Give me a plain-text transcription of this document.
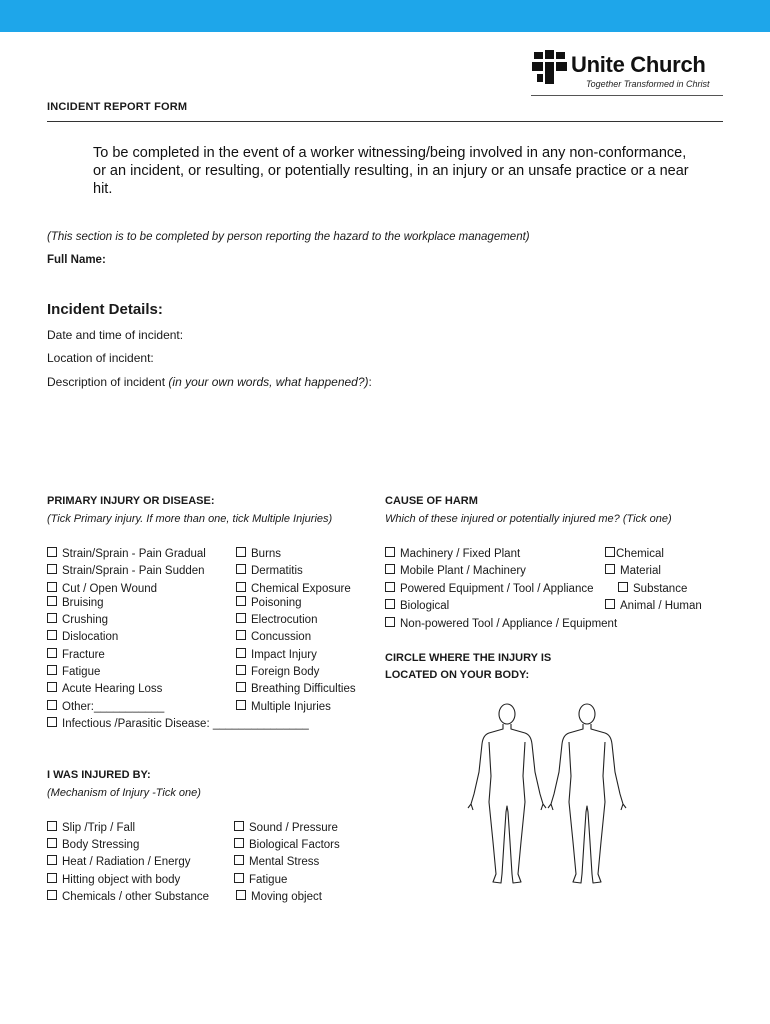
Unite Church
Together Transformed in Christ
INCIDENT REPORT FORM
To be completed in the event of a worker witnessing/being involved in any non-conformance, or an incident, or resulting, or potentially resulting, in an injury or an unsafe practice or a near hit.
(This section is to be completed by person reporting the hazard to the workplace management)
Full Name:
Incident Details:
Date and time of incident:
Location of incident:
Description of incident (in your own words, what happened?):
PRIMARY INJURY OR DISEASE:
(Tick Primary injury. If more than one, tick Multiple Injuries)
Strain/Sprain - Pain Gradual
Strain/Sprain - Pain Sudden
Cut / Open Wound
Bruising
Crushing
Dislocation
Fracture
Fatigue
Acute Hearing Loss
Other:___________
Infectious /Parasitic Disease: _______________
Burns
Dermatitis
Chemical Exposure
Poisoning
Electrocution
Concussion
Impact Injury
Foreign Body
Breathing Difficulties
Multiple Injuries
CAUSE OF HARM
Which of these injured or potentially injured me? (Tick one)
Machinery / Fixed Plant
Mobile Plant / Machinery
Powered Equipment / Tool / Appliance
Biological
Non-powered Tool / Appliance / Equipment
Chemical
Material
Substance
Animal / Human
CIRCLE WHERE THE INJURY IS
LOCATED ON YOUR BODY:
I WAS INJURED BY:
(Mechanism of Injury -Tick one)
Slip /Trip / Fall
Body Stressing
Heat / Radiation / Energy
Hitting object with body
Chemicals / other Substance
Sound / Pressure
Biological Factors
Mental Stress
Fatigue
Moving object
